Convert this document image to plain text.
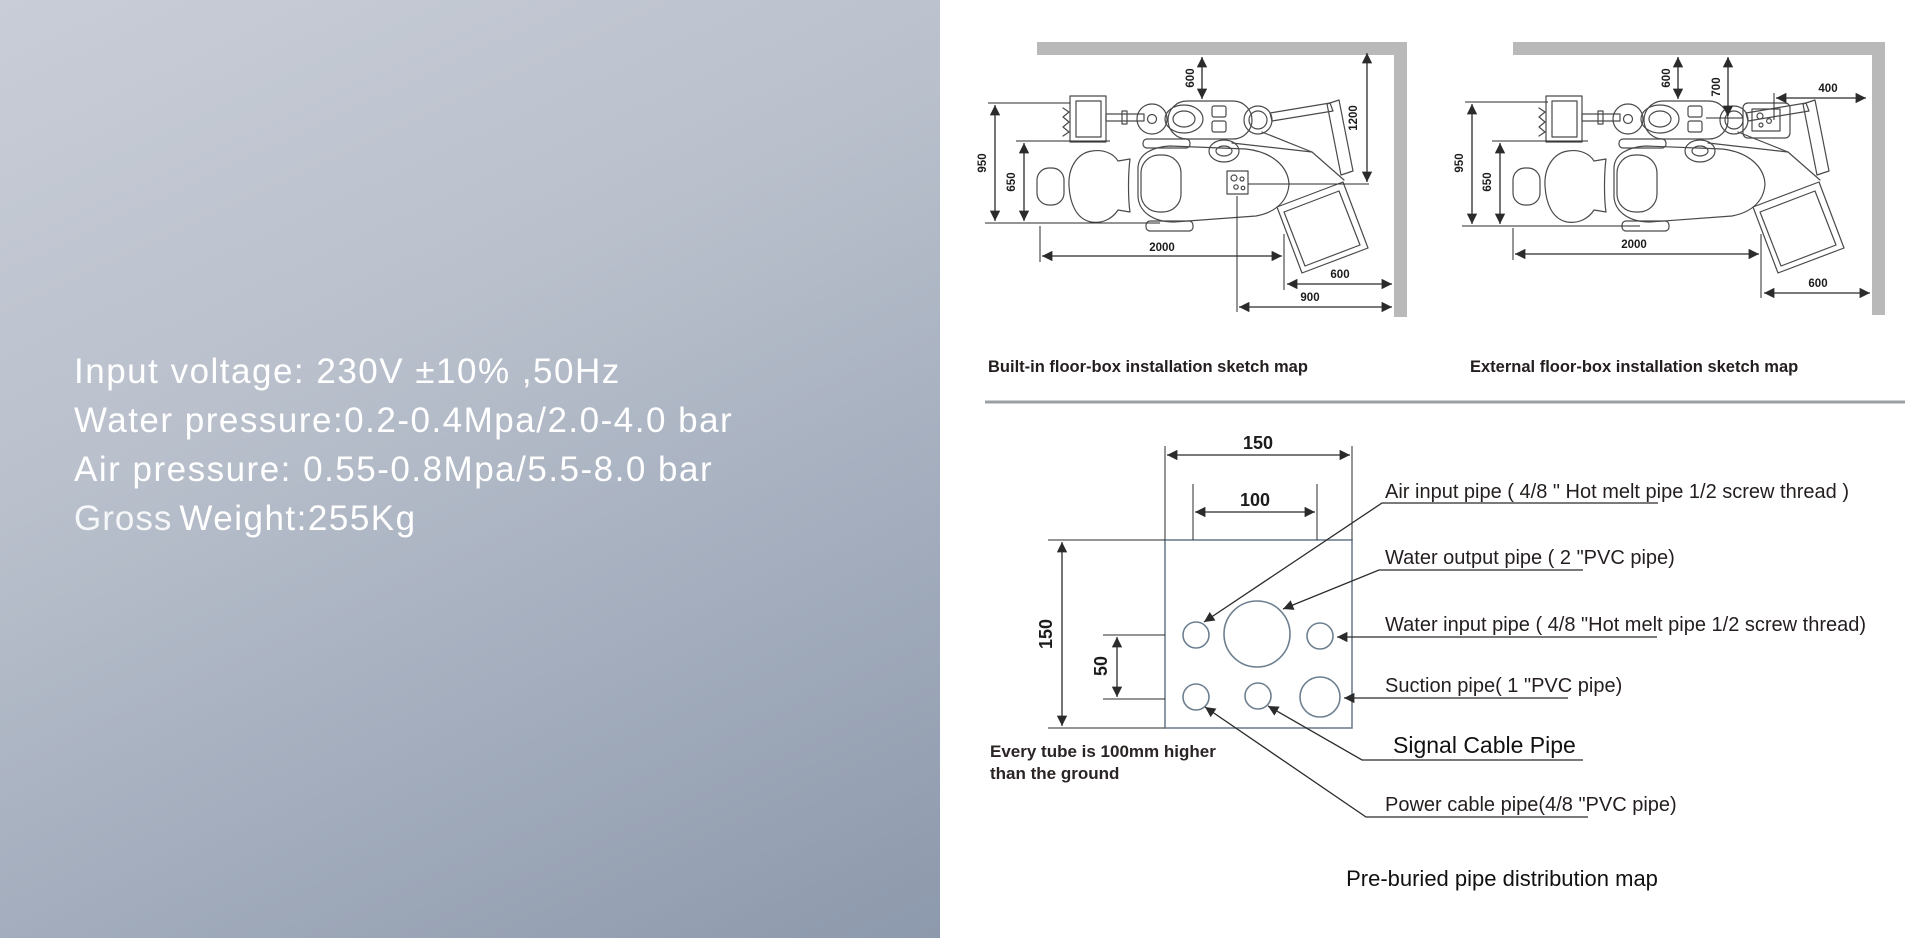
Input voltage: 230V ±10% ,50Hz
Water pressure:0.2-0.4Mpa/2.0-4.0 bar
Air pressure: 0.55-0.8Mpa/5.5-8.0 bar
Gross Weight:255Kg
600
1200
950
650
2000
600
900
Built-in floor-box installation sketch map
600	700	400
950
650
2000
600
External floor-box installation sketch map
150
100
150
50
Air input pipe ( 4/8 " Hot melt pipe 1/2 screw thread )
Water output pipe ( 2 "PVC pipe)
Water input pipe ( 4/8 "Hot melt pipe 1/2 screw thread)
Suction pipe( 1 "PVC pipe)
Signal Cable Pipe
Power cable pipe(4/8 "PVC pipe)
Every tube is 100mm higher
than the ground
Pre-buried pipe distribution map
